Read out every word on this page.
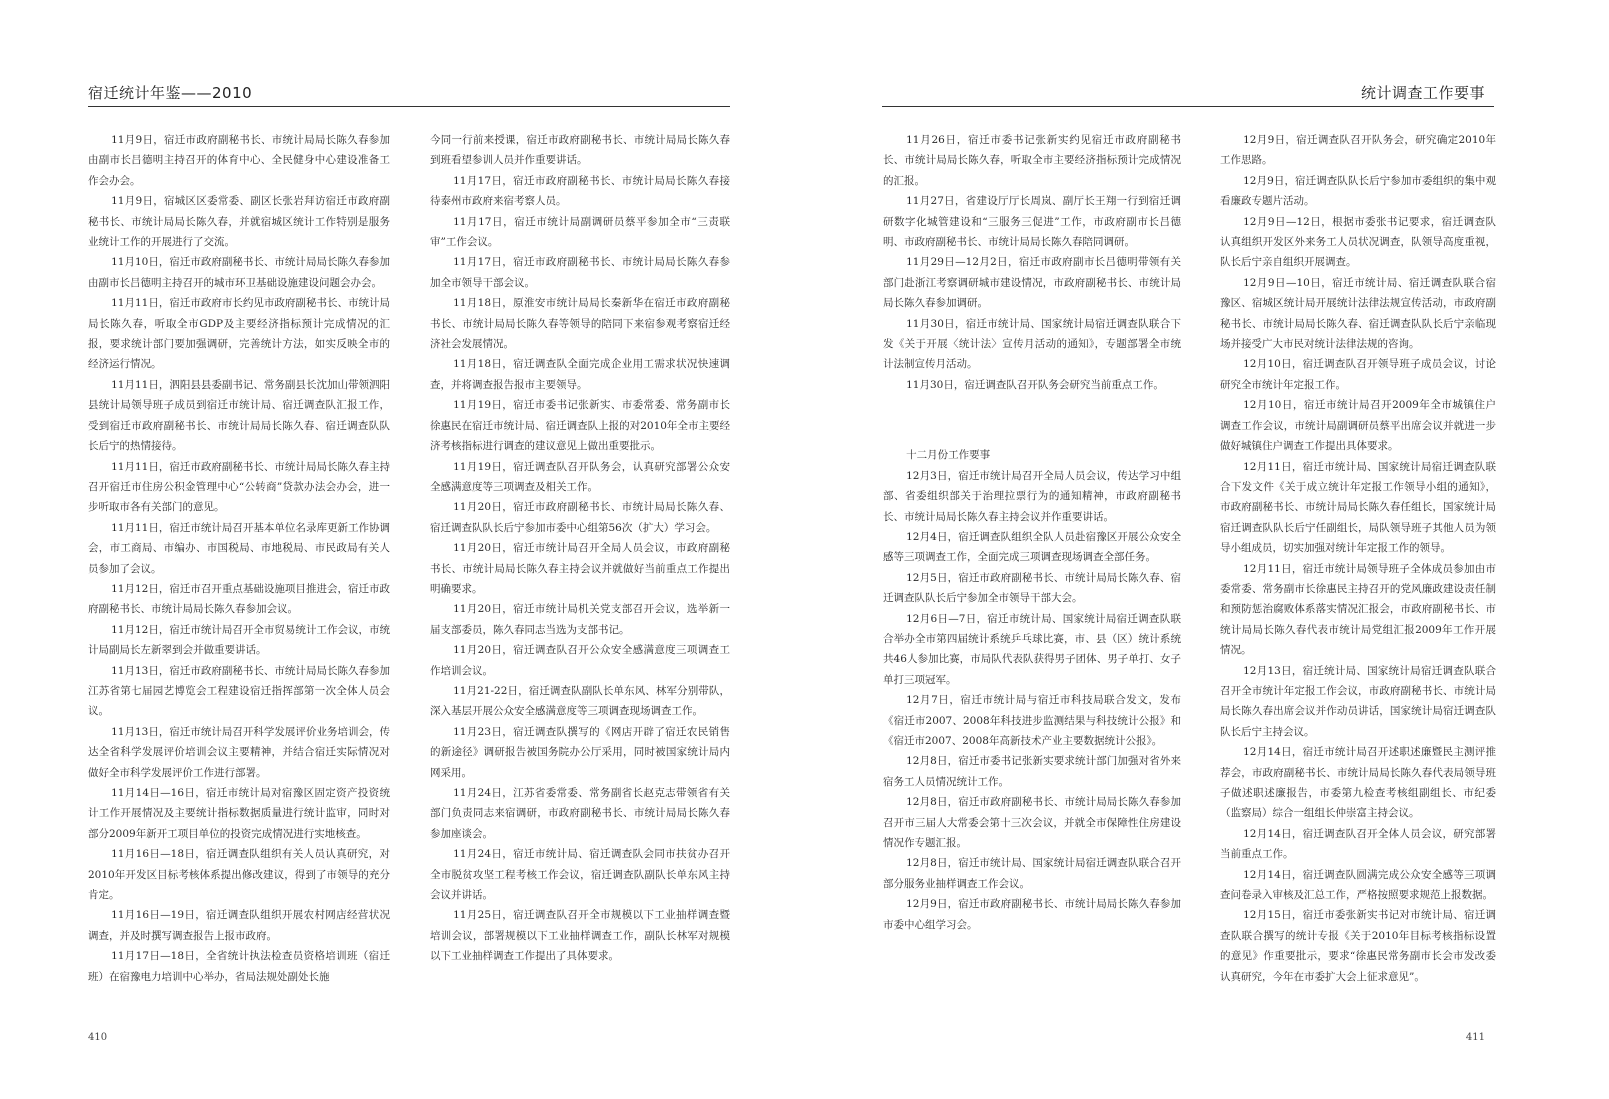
宿迁统计年鉴——2010

11月9日，宿迁市政府副秘书长、市统计局局长陈久春参加由副市长吕德明主持召开的体育中心、全民健身中心建设准备工作会办会。

11月9日，宿城区区委常委、副区长张岩拜访宿迁市政府副秘书长、市统计局局长陈久春，并就宿城区统计工作特别是服务业统计工作的开展进行了交流。

11月10日，宿迁市政府副秘书长、市统计局局长陈久春参加由副市长吕德明主持召开的城市环卫基础设施建设问题会办会。

11月11日，宿迁市政府市长约见市政府副秘书长、市统计局局长陈久春，听取全市GDP及主要经济指标预计完成情况的汇报，要求统计部门要加强调研，完善统计方法，如实反映全市的经济运行情况。

11月11日，泗阳县县委副书记、常务副县长沈加山带领泗阳县统计局领导班子成员到宿迁市统计局、宿迁调查队汇报工作，受到宿迁市政府副秘书长、市统计局局长陈久春、宿迁调查队队长后宁的热情接待。

11月11日，宿迁市政府副秘书长、市统计局局长陈久春主持召开宿迁市住房公积金管理中心“公转商”贷款办法会办会，进一步听取市各有关部门的意见。

11月11日，宿迁市统计局召开基本单位名录库更新工作协调会，市工商局、市编办、市国税局、市地税局、市民政局有关人员参加了会议。

11月12日，宿迁市召开重点基础设施项目推进会，宿迁市政府副秘书长、市统计局局长陈久春参加会议。

11月12日，宿迁市统计局召开全市贸易统计工作会议，市统计局副局长左新翠到会并做重要讲话。

11月13日，宿迁市政府副秘书长、市统计局局长陈久春参加江苏省第七届园艺博览会工程建设宿迁指挥部第一次全体人员会议。

11月13日，宿迁市统计局召开科学发展评价业务培训会，传达全省科学发展评价培训会议主要精神，并结合宿迁实际情况对做好全市科学发展评价工作进行部署。

11月14日—16日，宿迁市统计局对宿豫区固定资产投资统计工作开展情况及主要统计指标数据质量进行统计监审，同时对部分2009年新开工项目单位的投资完成情况进行实地核查。

11月16日—18日，宿迁调查队组织有关人员认真研究，对2010年开发区目标考核体系提出修改建议，得到了市领导的充分肯定。

11月16日—19日，宿迁调查队组织开展农村网店经营状况调查，并及时撰写调查报告上报市政府。

11月17日—18日，全省统计执法检查员资格培训班（宿迁班）在宿豫电力培训中心举办，省局法规处副处长施

今同一行前来授课，宿迁市政府副秘书长、市统计局局长陈久春到班看望参训人员并作重要讲话。

11月17日，宿迁市政府副秘书长、市统计局局长陈久春接待泰州市政府来宿考察人员。

11月17日，宿迁市统计局副调研员蔡平参加全市“三责联审”工作会议。

11月17日，宿迁市政府副秘书长、市统计局局长陈久春参加全市领导干部会议。

11月18日，原淮安市统计局局长秦新华在宿迁市政府副秘书长、市统计局局长陈久春等领导的陪同下来宿参观考察宿迁经济社会发展情况。

11月18日，宿迁调查队全面完成企业用工需求状况快速调查，并将调查报告报市主要领导。

11月19日，宿迁市委书记张新实、市委常委、常务副市长徐惠民在宿迁市统计局、宿迁调查队上报的对2010年全市主要经济考核指标进行调查的建议意见上做出重要批示。

11月19日，宿迁调查队召开队务会，认真研究部署公众安全感满意度等三项调查及相关工作。

11月20日，宿迁市政府副秘书长、市统计局局长陈久春、宿迁调查队队长后宁参加市委中心组第56次（扩大）学习会。

11月20日，宿迁市统计局召开全局人员会议，市政府副秘书长、市统计局局长陈久春主持会议并就做好当前重点工作提出明确要求。

11月20日，宿迁市统计局机关党支部召开会议，选举新一届支部委员，陈久春同志当选为支部书记。

11月20日，宿迁调查队召开公众安全感满意度三项调查工作培训会议。

11月21-22日，宿迁调查队副队长单东风、林军分别带队，深入基层开展公众安全感满意度等三项调查现场调查工作。

11月23日，宿迁调查队撰写的《网店开辟了宿迁农民销售的新途径》调研报告被国务院办公厅采用，同时被国家统计局内网采用。

11月24日，江苏省委常委、常务副省长赵克志带领省有关部门负责同志来宿调研，市政府副秘书长、市统计局局长陈久春参加座谈会。

11月24日，宿迁市统计局、宿迁调查队会同市扶贫办召开全市脱贫攻坚工程考核工作会议，宿迁调查队副队长单东风主持会议并讲话。

11月25日，宿迁调查队召开全市规模以下工业抽样调查暨培训会议，部署规模以下工业抽样调查工作，副队长林军对规模以下工业抽样调查工作提出了具体要求。

410
统计调查工作要事

11月26日，宿迁市委书记张新实约见宿迁市政府副秘书长、市统计局局长陈久春，听取全市主要经济指标预计完成情况的汇报。

11月27日，省建设厅厅长周岚、副厅长王翔一行到宿迁调研数字化城管建设和“三服务三促进”工作，市政府副市长吕德明、市政府副秘书长、市统计局局长陈久春陪同调研。

11月29日—12月2日，宿迁市政府副市长吕德明带领有关部门赴浙江考察调研城市建设情况，市政府副秘书长、市统计局局长陈久春参加调研。

11月30日，宿迁市统计局、国家统计局宿迁调查队联合下发《关于开展〈统计法〉宣传月活动的通知》，专题部署全市统计法制宣传月活动。

11月30日，宿迁调查队召开队务会研究当前重点工作。

十二月份工作要事

12月3日，宿迁市统计局召开全局人员会议，传达学习中组部、省委组织部关于治理拉票行为的通知精神，市政府副秘书长、市统计局局长陈久春主持会议并作重要讲话。

12月4日，宿迁调查队组织全队人员赴宿豫区开展公众安全感等三项调查工作，全面完成三项调查现场调查全部任务。

12月5日，宿迁市政府副秘书长、市统计局局长陈久春、宿迁调查队队长后宁参加全市领导干部大会。

12月6日—7日，宿迁市统计局、国家统计局宿迁调查队联合举办全市第四届统计系统乒乓球比赛，市、县（区）统计系统共46人参加比赛，市局队代表队获得男子团体、男子单打、女子单打三项冠军。

12月7日，宿迁市统计局与宿迁市科技局联合发文，发布《宿迁市2007、2008年科技进步监测结果与科技统计公报》和《宿迁市2007、2008年高新技术产业主要数据统计公报》。

12月8日，宿迁市委书记张新实要求统计部门加强对省外来宿务工人员情况统计工作。

12月8日，宿迁市政府副秘书长、市统计局局长陈久春参加召开市三届人大常委会第十三次会议，并就全市保障性住房建设情况作专题汇报。

12月8日，宿迁市统计局、国家统计局宿迁调查队联合召开部分服务业抽样调查工作会议。

12月9日，宿迁市政府副秘书长、市统计局局长陈久春参加市委中心组学习会。

12月9日，宿迁调查队召开队务会，研究确定2010年工作思路。

12月9日，宿迁调查队队长后宁参加市委组织的集中观看廉政专题片活动。

12月9日—12日，根据市委张书记要求，宿迁调查队认真组织开发区外来务工人员状况调查，队领导高度重视，队长后宁亲自组织开展调查。

12月9日—10日，宿迁市统计局、宿迁调查队联合宿豫区、宿城区统计局开展统计法律法规宣传活动，市政府副秘书长、市统计局局长陈久春、宿迁调查队队长后宁亲临现场并接受广大市民对统计法律法规的咨询。

12月10日，宿迁调查队召开领导班子成员会议，讨论研究全市统计年定报工作。

12月10日，宿迁市统计局召开2009年全市城镇住户调查工作会议，市统计局副调研员蔡平出席会议并就进一步做好城镇住户调查工作提出具体要求。

12月11日，宿迁市统计局、国家统计局宿迁调查队联合下发文件《关于成立统计年定报工作领导小组的通知》，市政府副秘书长、市统计局局长陈久春任组长，国家统计局宿迁调查队队长后宁任副组长，局队领导班子其他人员为领导小组成员，切实加强对统计年定报工作的领导。

12月11日，宿迁市统计局领导班子全体成员参加由市委常委、常务副市长徐惠民主持召开的党风廉政建设责任制和预防惩治腐败体系落实情况汇报会，市政府副秘书长、市统计局局长陈久春代表市统计局党组汇报2009年工作开展情况。

12月13日，宿迁统计局、国家统计局宿迁调查队联合召开全市统计年定报工作会议，市政府副秘书长、市统计局局长陈久春出席会议并作动员讲话，国家统计局宿迁调查队队长后宁主持会议。

12月14日，宿迁市统计局召开述职述廉暨民主测评推荐会，市政府副秘书长、市统计局局长陈久春代表局领导班子做述职述廉报告，市委第九检查考核组副组长、市纪委（监察局）综合一组组长仲崇富主持会议。

12月14日，宿迁调查队召开全体人员会议，研究部署当前重点工作。

12月14日，宿迁调查队圆满完成公众安全感等三项调查问卷录入审核及汇总工作，严格按照要求规范上报数据。

12月15日，宿迁市委张新实书记对市统计局、宿迁调查队联合撰写的统计专报《关于2010年目标考核指标设置的意见》作重要批示，要求“徐惠民常务副市长会市发改委认真研究，今年在市委扩大会上征求意见”。

411
